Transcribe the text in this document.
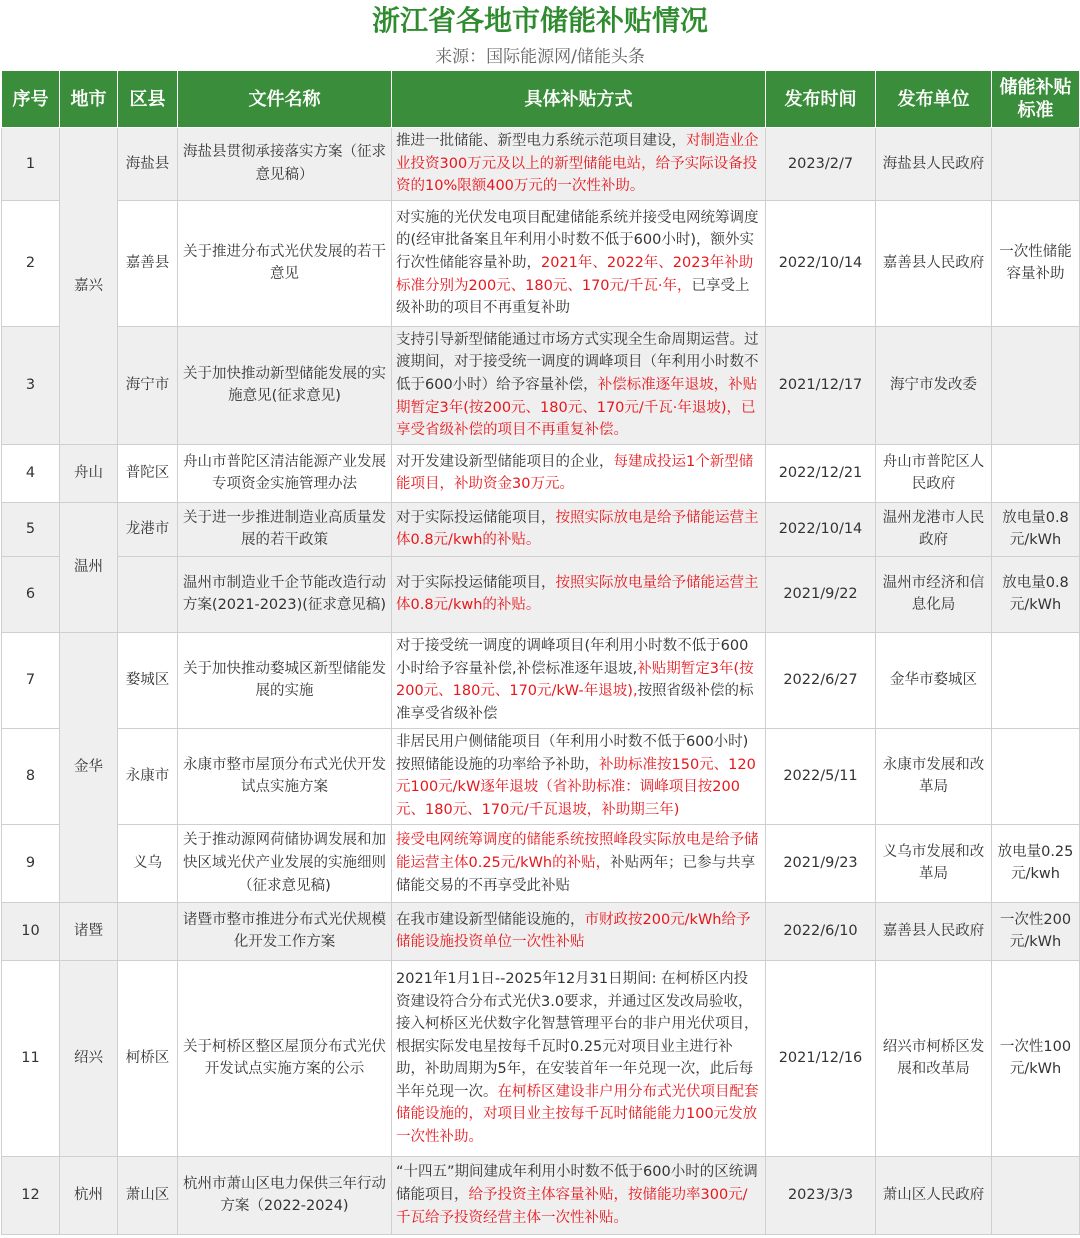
浙江省各地市储能补贴情况
来源：国际能源网/储能头条
序号	地市	区县	文件名称	具体补贴方式	发布时间	发布单位	储能补贴标准
1	嘉兴	海盐县	海盐县贯彻承接落实方案（征求意见稿）	推进一批储能、新型电力系统示范项目建设，对制造业企业投资300万元及以上的新型储能电站，给予实际设备投资的10%限额400万元的一次性补助。	2023/2/7	海盐县人民政府	
2		嘉善县	关于推进分布式光伏发展的若干意见	对实施的光伏发电项目配建储能系统并接受电网统筹调度的(经审批备案且年利用小时数不低于600小时)，额外实行次性储能容量补助，2021年、2022年、2023年补助标准分别为200元、180元、170元/千瓦·年，已享受上级补助的项目不再重复补助	2022/10/14	嘉善县人民政府	一次性储能容量补助
3		海宁市	关于加快推动新型储能发展的实施意见(征求意见)	支持引导新型储能通过市场方式实现全生命周期运营。过渡期间，对于接受统一调度的调峰项目（年利用小时数不低于600小时）给予容量补偿，补偿标准逐年退坡，补贴期暂定3年(按200元、180元、170元/千瓦·年退坡)，已享受省级补偿的项目不再重复补偿。	2021/12/17	海宁市发改委	
4	舟山	普陀区	舟山市普陀区清洁能源产业发展专项资金实施管理办法	对开发建设新型储能项目的企业，每建成投运1个新型储能项目，补助资金30万元。	2022/12/21	舟山市普陀区人民政府	
5	温州	龙港市	关于进一步推进制造业高质量发展的若干政策	对于实际投运储能项目，按照实际放电是给予储能运营主体0.8元/kwh的补贴。	2022/10/14	温州龙港市人民政府	放电量0.8元/kWh
6			温州市制造业千企节能改造行动方案(2021-2023)(征求意见稿)	对于实际投运储能项目，按照实际放电量给予储能运营主体0.8元/kwh的补贴。	2021/9/22	温州市经济和信息化局	放电量0.8元/kWh
7	金华	婺城区	关于加快推动婺城区新型储能发展的实施	对于接受统一调度的调峰项目(年利用小时数不低于600小时给予容量补偿,补偿标准逐年退坡,补贴期暂定3年(按200元、180元、170元/kW-年退坡),按照省级补偿的标准享受省级补偿	2022/6/27	金华市婺城区	
8		永康市	永康市整市屋顶分布式光伏开发试点实施方案	非居民用户侧储能项目（年利用小时数不低于600小时)按照储能设施的功率给予补助，补助标准按150元、120元100元/kW逐年退坡（省补助标准：调峰项目按200元、180元、170元/千瓦退坡，补助期三年)	2022/5/11	永康市发展和改革局	
9		义乌	关于推动源网荷储协调发展和加快区域光伏产业发展的实施细则（征求意见稿)	接受电网统筹调度的储能系统按照峰段实际放电是给予储能运营主体0.25元/kWh的补贴，补贴两年；已参与共享储能交易的不再享受此补贴	2021/9/23	义乌市发展和改革局	放电量0.25元/kwh
10	诸暨		诸暨市整市推进分布式光伏规模化开发工作方案	在我市建设新型储能设施的，市财政按200元/kWh给予储能设施投资单位一次性补贴	2022/6/10	嘉善县人民政府	一次性200元/kWh
11	绍兴	柯桥区	关于柯桥区整区屋顶分布式光伏开发试点实施方案的公示	2021年1月1日--2025年12月31日期间: 在柯桥区内投资建设符合分布式光伏3.0要求，并通过区发改局验收，接入柯桥区光伏数字化智慧管理平台的非户用光伏项目，根据实际发电星按每千瓦时0.25元对项目业主进行补助，补助周期为5年，在安装首年一年兑现一次，此后每半年兑现一次。在柯桥区建设非户用分布式光伏项目配套储能设施的，对项目业主按每千瓦时储能能力100元发放一次性补助。	2021/12/16	绍兴市柯桥区发展和改革局	一次性100元/kWh
12	杭州	萧山区	杭州市萧山区电力保供三年行动方案（2022-2024)	“十四五”期间建成年利用小时数不低于600小时的区统调储能项目，给予投资主体容量补贴，按储能功率300元/千瓦给予投资经营主体一次性补贴。	2023/3/3	萧山区人民政府	
